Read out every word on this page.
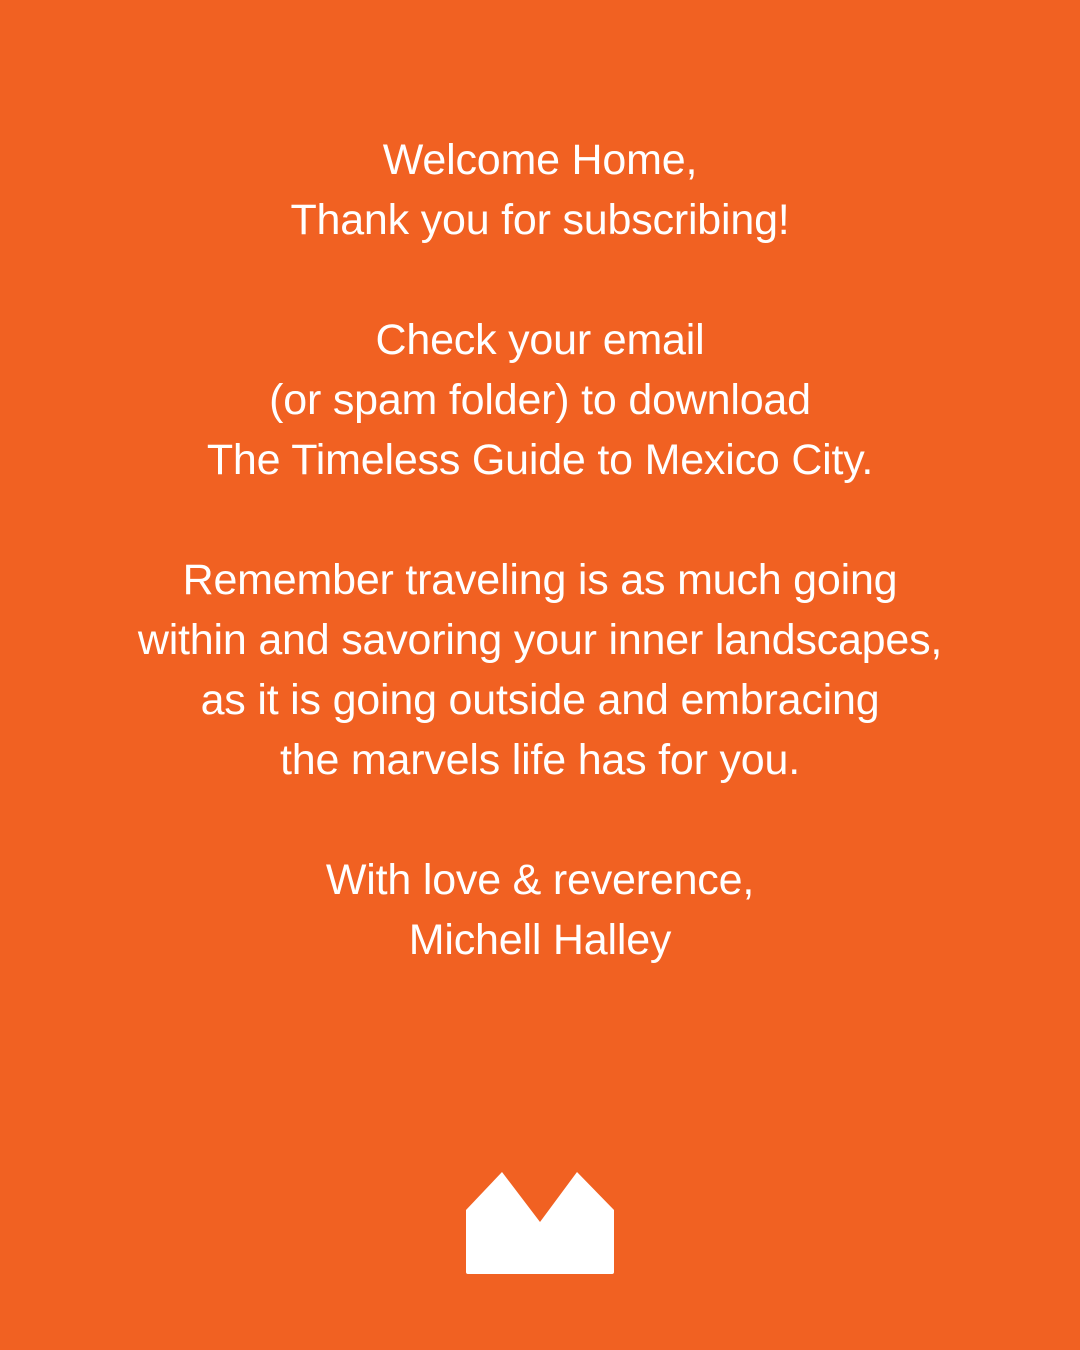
Welcome Home,
Thank you for subscribing!

Check your email
(or spam folder) to download
The Timeless Guide to Mexico City.

Remember traveling is as much going
within and savoring your inner landscapes,
as it is going outside and embracing
the marvels life has for you.

With love & reverence,
Michell Halley
